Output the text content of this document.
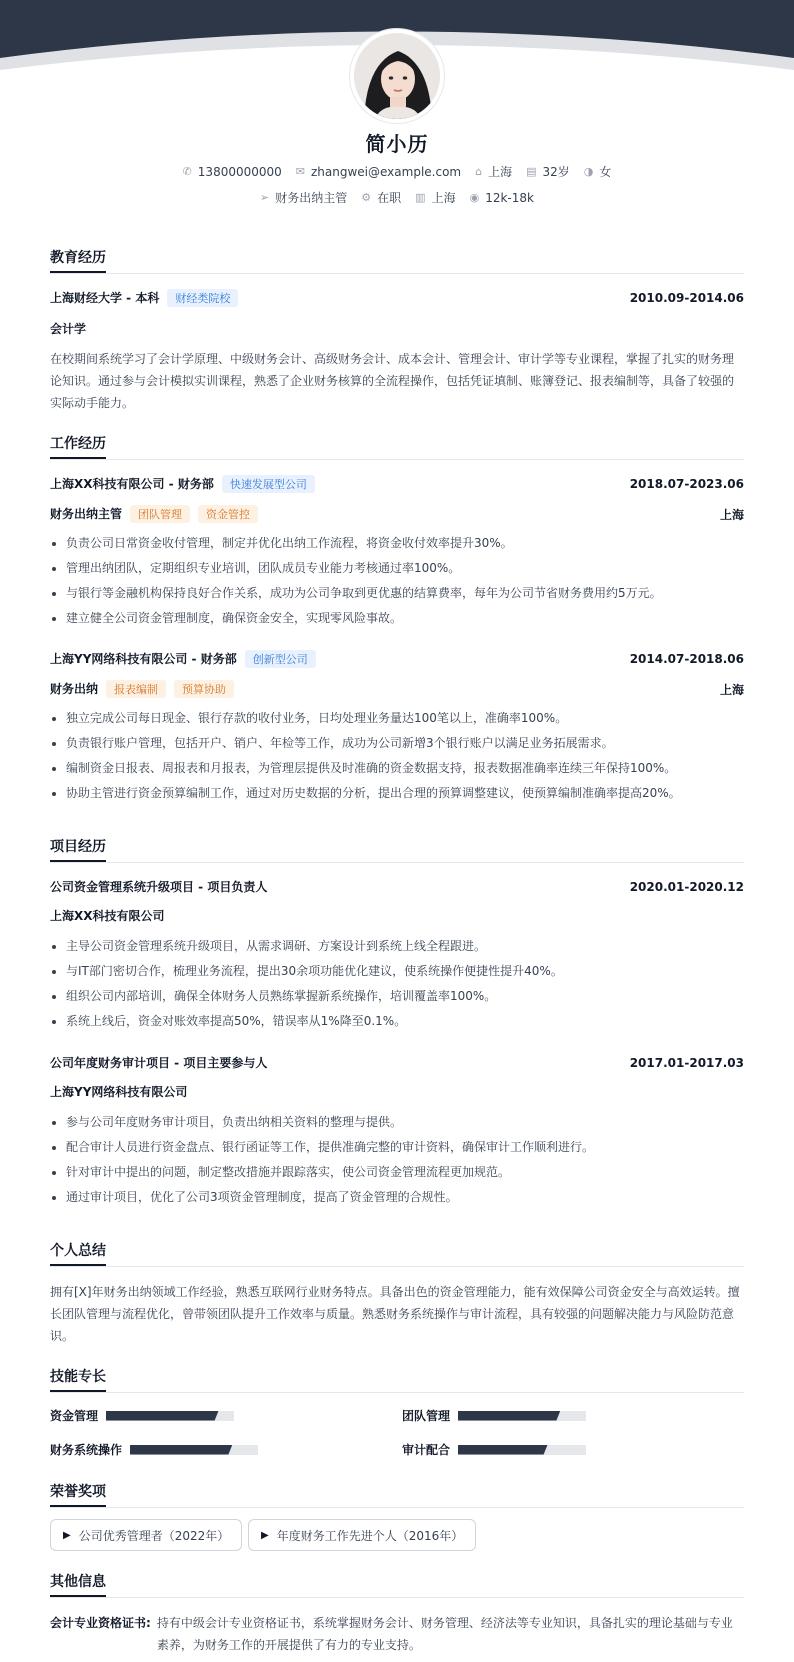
简小历
✆ 13800000000 ✉ zhangwei@example.com ⌂ 上海 ▤ 32岁 ◑ 女
➢ 财务出纳主管 ⚙ 在职 ▥ 上海 ◉ 12k-18k
教育经历
上海财经大学 - 本科 财经类院校	2010.09-2014.06
会计学
在校期间系统学习了会计学原理、中级财务会计、高级财务会计、成本会计、管理会计、审计学等专业课程，掌握了扎实的财务理
论知识。通过参与会计模拟实训课程，熟悉了企业财务核算的全流程操作，包括凭证填制、账簿登记、报表编制等，具备了较强的
实际动手能力。
工作经历
上海XX科技有限公司 - 财务部 快速发展型公司	2018.07-2023.06
财务出纳主管 团队管理 资金管控	上海
负责公司日常资金收付管理，制定并优化出纳工作流程，将资金收付效率提升30%。
管理出纳团队，定期组织专业培训，团队成员专业能力考核通过率100%。
与银行等金融机构保持良好合作关系，成功为公司争取到更优惠的结算费率，每年为公司节省财务费用约5万元。
建立健全公司资金管理制度，确保资金安全，实现零风险事故。
上海YY网络科技有限公司 - 财务部 创新型公司	2014.07-2018.06
财务出纳 报表编制 预算协助	上海
独立完成公司每日现金、银行存款的收付业务，日均处理业务量达100笔以上，准确率100%。
负责银行账户管理，包括开户、销户、年检等工作，成功为公司新增3个银行账户以满足业务拓展需求。
编制资金日报表、周报表和月报表，为管理层提供及时准确的资金数据支持，报表数据准确率连续三年保持100%。
协助主管进行资金预算编制工作，通过对历史数据的分析，提出合理的预算调整建议，使预算编制准确率提高20%。
项目经历
公司资金管理系统升级项目 - 项目负责人	2020.01-2020.12
上海XX科技有限公司
主导公司资金管理系统升级项目，从需求调研、方案设计到系统上线全程跟进。
与IT部门密切合作，梳理业务流程，提出30余项功能优化建议，使系统操作便捷性提升40%。
组织公司内部培训，确保全体财务人员熟练掌握新系统操作，培训覆盖率100%。
系统上线后，资金对账效率提高50%，错误率从1%降至0.1%。
公司年度财务审计项目 - 项目主要参与人	2017.01-2017.03
上海YY网络科技有限公司
参与公司年度财务审计项目，负责出纳相关资料的整理与提供。
配合审计人员进行资金盘点、银行函证等工作，提供准确完整的审计资料，确保审计工作顺利进行。
针对审计中提出的问题，制定整改措施并跟踪落实，使公司资金管理流程更加规范。
通过审计项目，优化了公司3项资金管理制度，提高了资金管理的合规性。
个人总结
拥有[X]年财务出纳领域工作经验，熟悉互联网行业财务特点。具备出色的资金管理能力，能有效保障公司资金安全与高效运转。擅
长团队管理与流程优化，曾带领团队提升工作效率与质量。熟悉财务系统操作与审计流程，具有较强的问题解决能力与风险防范意
识。
技能专长
资金管理	团队管理
财务系统操作	审计配合
荣誉奖项
▶ 公司优秀管理者（2022年）	▶ 年度财务工作先进个人（2016年）
其他信息
会计专业资格证书: 持有中级会计专业资格证书，系统掌握财务会计、财务管理、经济法等专业知识，具备扎实的理论基础与专业
素养，为财务工作的开展提供了有力的专业支持。
